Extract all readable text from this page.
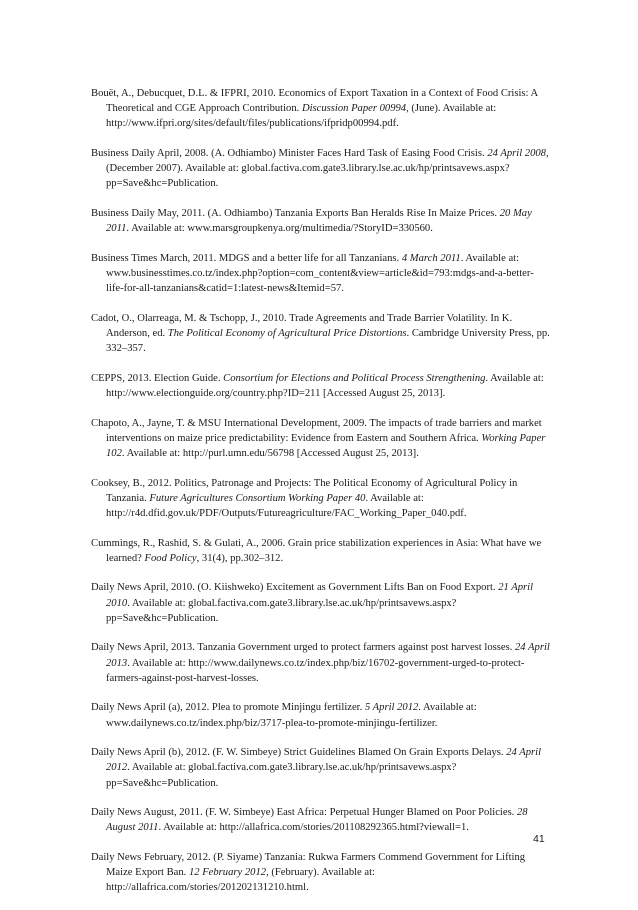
Bouët, A., Debucquet, D.L. & IFPRI, 2010. Economics of Export Taxation in a Context of Food Crisis: A Theoretical and CGE Approach Contribution. Discussion Paper 00994, (June). Available at: http://www.ifpri.org/sites/default/files/publications/ifpridp00994.pdf.

Business Daily April, 2008. (A. Odhiambo) Minister Faces Hard Task of Easing Food Crisis. 24 April 2008, (December 2007). Available at: global.factiva.com.gate3.library.lse.ac.uk/hp/printsavews.aspx?pp=Save&hc=Publication.

Business Daily May, 2011. (A. Odhiambo) Tanzania Exports Ban Heralds Rise In Maize Prices. 20 May 2011. Available at: www.marsgroupkenya.org/multimedia/?StoryID=330560.

Business Times March, 2011. MDGS and a better life for all Tanzanians. 4 March 2011. Available at: www.businesstimes.co.tz/index.php?option=com_content&view=article&id=793:mdgs-and-a-better-life-for-all-tanzanians&catid=1:latest-news&Itemid=57.

Cadot, O., Olarreaga, M. & Tschopp, J., 2010. Trade Agreements and Trade Barrier Volatility. In K. Anderson, ed. The Political Economy of Agricultural Price Distortions. Cambridge University Press, pp. 332–357.

CEPPS, 2013. Election Guide. Consortium for Elections and Political Process Strengthening. Available at: http://www.electionguide.org/country.php?ID=211 [Accessed August 25, 2013].

Chapoto, A., Jayne, T. & MSU International Development, 2009. The impacts of trade barriers and market interventions on maize price predictability: Evidence from Eastern and Southern Africa. Working Paper 102. Available at: http://purl.umn.edu/56798 [Accessed August 25, 2013].

Cooksey, B., 2012. Politics, Patronage and Projects: The Political Economy of Agricultural Policy in Tanzania. Future Agricultures Consortium Working Paper 40. Available at: http://r4d.dfid.gov.uk/PDF/Outputs/Futureagriculture/FAC_Working_Paper_040.pdf.

Cummings, R., Rashid, S. & Gulati, A., 2006. Grain price stabilization experiences in Asia: What have we learned? Food Policy, 31(4), pp.302–312.

Daily News April, 2010. (O. Kiishweko) Excitement as Government Lifts Ban on Food Export. 21 April 2010. Available at: global.factiva.com.gate3.library.lse.ac.uk/hp/printsavews.aspx?pp=Save&hc=Publication.

Daily News April, 2013. Tanzania Government urged to protect farmers against post harvest losses. 24 April 2013. Available at: http://www.dailynews.co.tz/index.php/biz/16702-government-urged-to-protect-farmers-against-post-harvest-losses.

Daily News April (a), 2012. Plea to promote Minjingu fertilizer. 5 April 2012. Available at: www.dailynews.co.tz/index.php/biz/3717-plea-to-promote-minjingu-fertilizer.

Daily News April (b), 2012. (F. W. Simbeye) Strict Guidelines Blamed On Grain Exports Delays. 24 April 2012. Available at: global.factiva.com.gate3.library.lse.ac.uk/hp/printsavews.aspx?pp=Save&hc=Publication.

Daily News August, 2011. (F. W. Simbeye) East Africa: Perpetual Hunger Blamed on Poor Policies. 28 August 2011. Available at: http://allafrica.com/stories/201108292365.html?viewall=1.

Daily News February, 2012. (P. Siyame) Tanzania: Rukwa Farmers Commend Government for Lifting Maize Export Ban. 12 February 2012, (February). Available at: http://allafrica.com/stories/201202131210.html.

41
